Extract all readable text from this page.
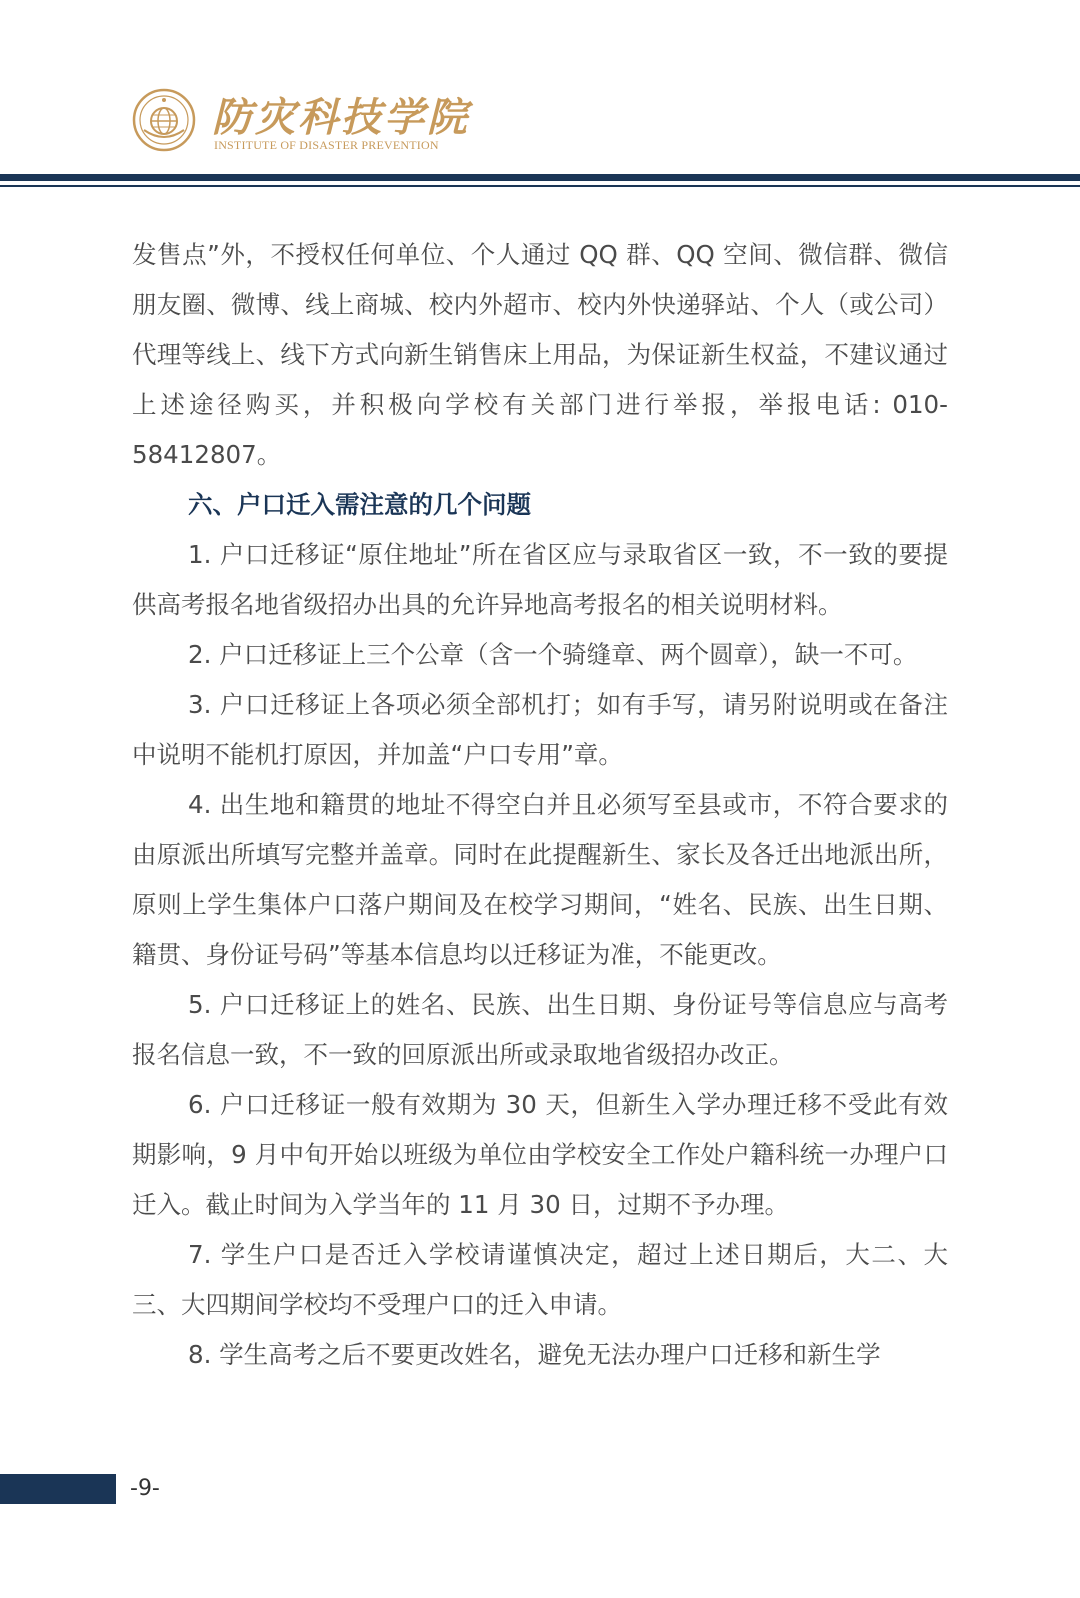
防灾科技学院
INSTITUTE OF DISASTER PREVENTION

发售点”外，不授权任何单位、个人通过 QQ 群、QQ 空间、微信群、微信朋友圈、微博、线上商城、校内外超市、校内外快递驿站、个人（或公司）代理等线上、线下方式向新生销售床上用品，为保证新生权益，不建议通过上述途径购买，并积极向学校有关部门进行举报，举报电话: 010-58412807。

六、户口迁入需注意的几个问题

1. 户口迁移证“原住地址”所在省区应与录取省区一致，不一致的要提供高考报名地省级招办出具的允许异地高考报名的相关说明材料。

2. 户口迁移证上三个公章（含一个骑缝章、两个圆章），缺一不可。

3. 户口迁移证上各项必须全部机打；如有手写，请另附说明或在备注中说明不能机打原因，并加盖“户口专用”章。

4. 出生地和籍贯的地址不得空白并且必须写至县或市，不符合要求的由原派出所填写完整并盖章。同时在此提醒新生、家长及各迁出地派出所，原则上学生集体户口落户期间及在校学习期间，“姓名、民族、出生日期、籍贯、身份证号码”等基本信息均以迁移证为准，不能更改。

5. 户口迁移证上的姓名、民族、出生日期、身份证号等信息应与高考报名信息一致，不一致的回原派出所或录取地省级招办改正。

6. 户口迁移证一般有效期为 30 天，但新生入学办理迁移不受此有效期影响，9 月中旬开始以班级为单位由学校安全工作处户籍科统一办理户口迁入。截止时间为入学当年的 11 月 30 日，过期不予办理。

7. 学生户口是否迁入学校请谨慎决定，超过上述日期后，大二、大三、大四期间学校均不受理户口的迁入申请。

8. 学生高考之后不要更改姓名，避免无法办理户口迁移和新生学

-9-
